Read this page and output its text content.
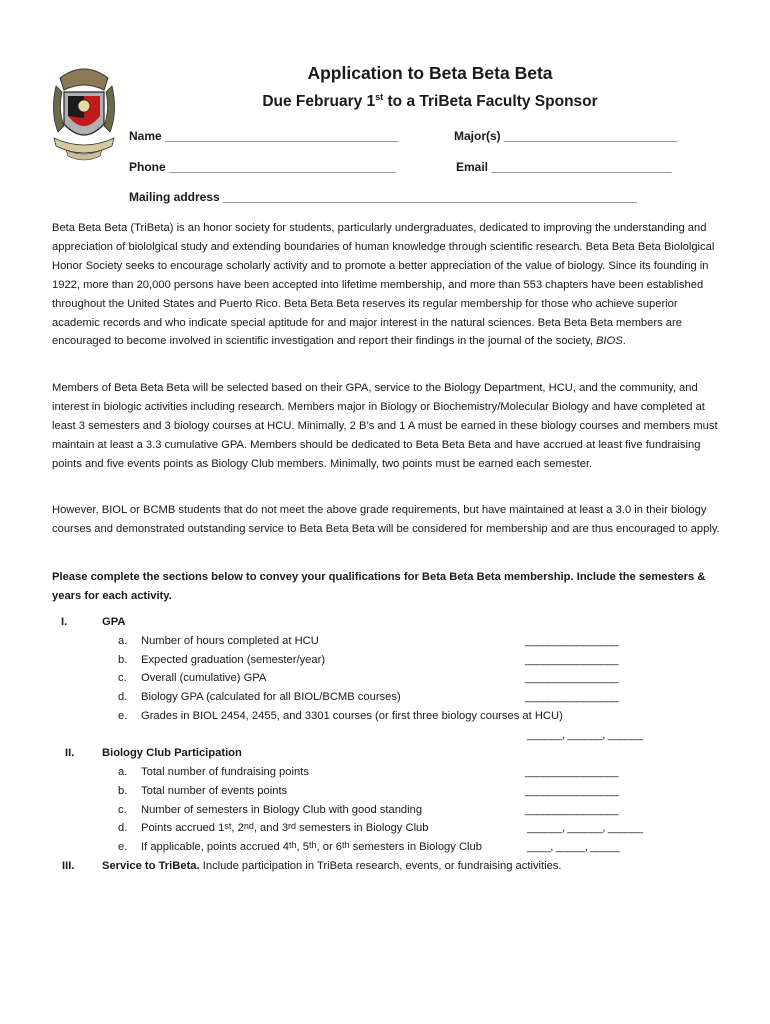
Application to Beta Beta Beta
Due February 1st to a TriBeta Faculty Sponsor
Name ___________________________________	Major(s) __________________________
Phone __________________________________	Email ___________________________
Mailing address ______________________________________________________________

Beta Beta Beta (TriBeta) is an honor society for students, particularly undergraduates, dedicated to improving the understanding and appreciation of biololgical study and extending boundaries of human knowledge through scientific research. Beta Beta Beta Biololgical Honor Society seeks to encourage scholarly activity and to promote a better appreciation of the value of biology. Since its founding in 1922, more than 20,000 persons have been accepted into lifetime membership, and more than 553 chapters have been established throughout the United States and Puerto Rico. Beta Beta Beta reserves its regular membership for those who achieve superior academic records and who indicate special aptitude for and major interest in the natural sciences. Beta Beta Beta members are encouraged to become involved in scientific investigation and report their findings in the journal of the society, BIOS.

Members of Beta Beta Beta will be selected based on their GPA, service to the Biology Department, HCU, and the community, and interest in biologic activities including research. Members major in Biology or Biochemistry/Molecular Biology and have completed at least 3 semesters and 3 biology courses at HCU. Minimally, 2 B’s and 1 A must be earned in these biology courses and members must maintain at least a 3.3 cumulative GPA. Members should be dedicated to Beta Beta Beta and have accrued at least five fundraising points and five events points as Biology Club members. Minimally, two points must be earned each semester.

However, BIOL or BCMB students that do not meet the above grade requirements, but have maintained at least a 3.0 in their biology courses and demonstrated outstanding service to Beta Beta Beta will be considered for membership and are thus encouraged to apply.

Please complete the sections below to convey your qualifications for Beta Beta Beta membership. Include the semesters & years for each activity.

I.	GPA
a. Number of hours completed at HCU	________________
b. Expected graduation (semester/year)	________________
c. Overall (cumulative) GPA	________________
d. Biology GPA (calculated for all BIOL/BCMB courses)	________________
e. Grades in BIOL 2454, 2455, and 3301 courses (or first three biology courses at HCU)
______, ______, ______
II. Biology Club Participation
a. Total number of fundraising points	________________
b. Total number of events points	________________
c. Number of semesters in Biology Club with good standing	________________
d. Points accrued 1st, 2nd, and 3rd semesters in Biology Club	______, ______, ______
e. If applicable, points accrued 4th, 5th, or 6th semesters in Biology Club	____, _____, _____
III. Service to TriBeta. Include participation in TriBeta research, events, or fundraising activities.
